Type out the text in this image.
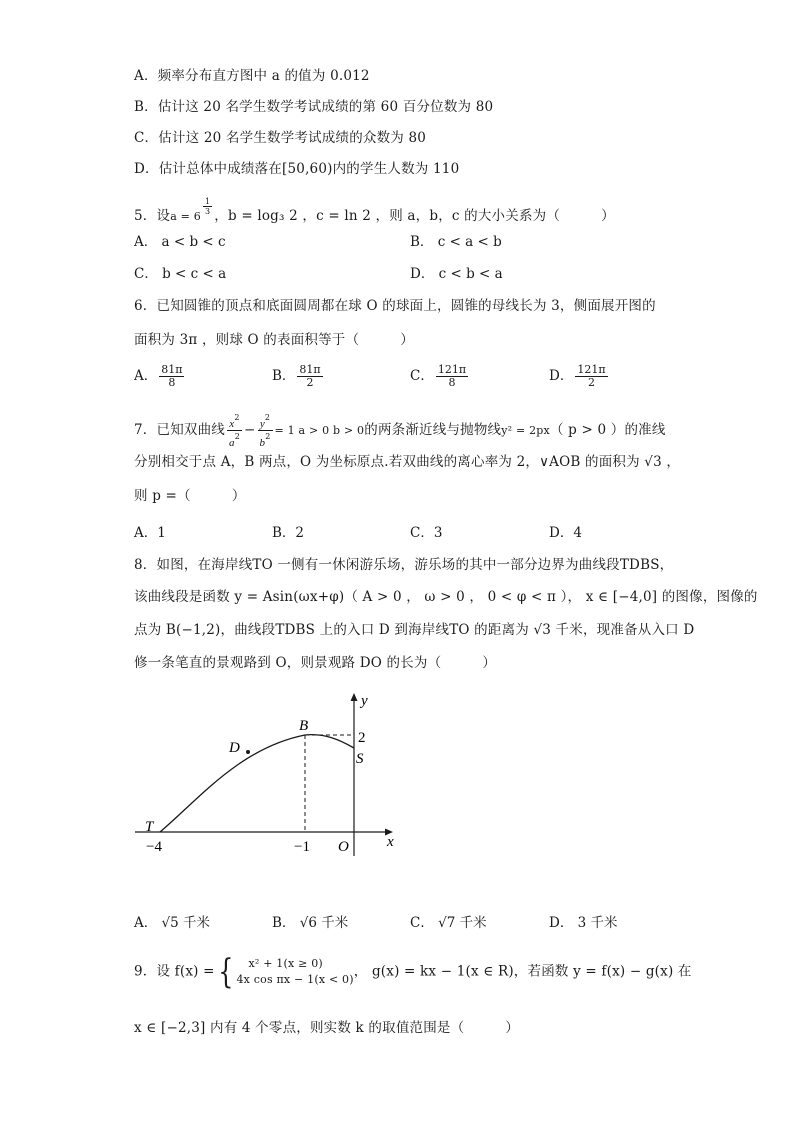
A．频率分布直方图中 a 的值为 0.012
B．估计这 20 名学生数学考试成绩的第 60 百分位数为 80
C．估计这 20 名学生数学考试成绩的众数为 80
D．估计总体中成绩落在[50,60)内的学生人数为 110
5．设a = 6
$\frac{1}{3}$ ，b = log₃ 2 ，c = ln 2 ，则 a，b，c 的大小关系为（　　　）
A． a < b < c	B． c < a < b
C． b < c < a	D． c < b < a
6．已知圆锥的顶点和底面圆周都在球 O 的球面上，圆锥的母线长为 3，侧面展开图的
面积为 3π ，则球 O 的表面积等于（　　　）
A． $\frac{81\pi}{8}$	B． $\frac{81\pi}{2}$	C． $\frac{121\pi}{8}$	D． $\frac{121\pi}{2}$
7．已知双曲线 $\frac{x^2}{a^2} - \frac{y^2}{b^2} = 1$ a > 0 b > 0的两条渐近线与抛物线y² = 2px（ p > 0 ）的准线
分别相交于点 A，B 两点，O 为坐标原点.若双曲线的离心率为 2，∨AOB 的面积为 √3 ，
则 p =（　　　）
A．1	B．2	C．3	D．4
8．如图，在海岸线TO 一侧有一休闲游乐场，游乐场的其中一部分边界为曲线段TDBS，
该曲线段是函数 y = Asin(ωx+φ)（ A > 0 ， ω > 0 ， 0 < φ < π ）， x ∈ [−4,0] 的图像，图像的
点为 B(−1,2)，曲线段TDBS 上的入口 D 到海岸线TO 的距离为 √3 千米，现准备从入口 D
修一条笔直的景观路到 O，则景观路 DO 的长为（　　　）
y
x
B
D
T
S
O
2
−4	−1
A． √5 千米	B． √6 千米	C． √7 千米	D． 3 千米
9．设 f(x) ={	x² + 1(x ≥ 0)
4x cos πx − 1(x < 0) ， g(x) = kx − 1(x ∈ R)，若函数 y = f(x) − g(x) 在
x ∈ [−2,3] 内有 4 个零点，则实数 k 的取值范围是（　　　）
